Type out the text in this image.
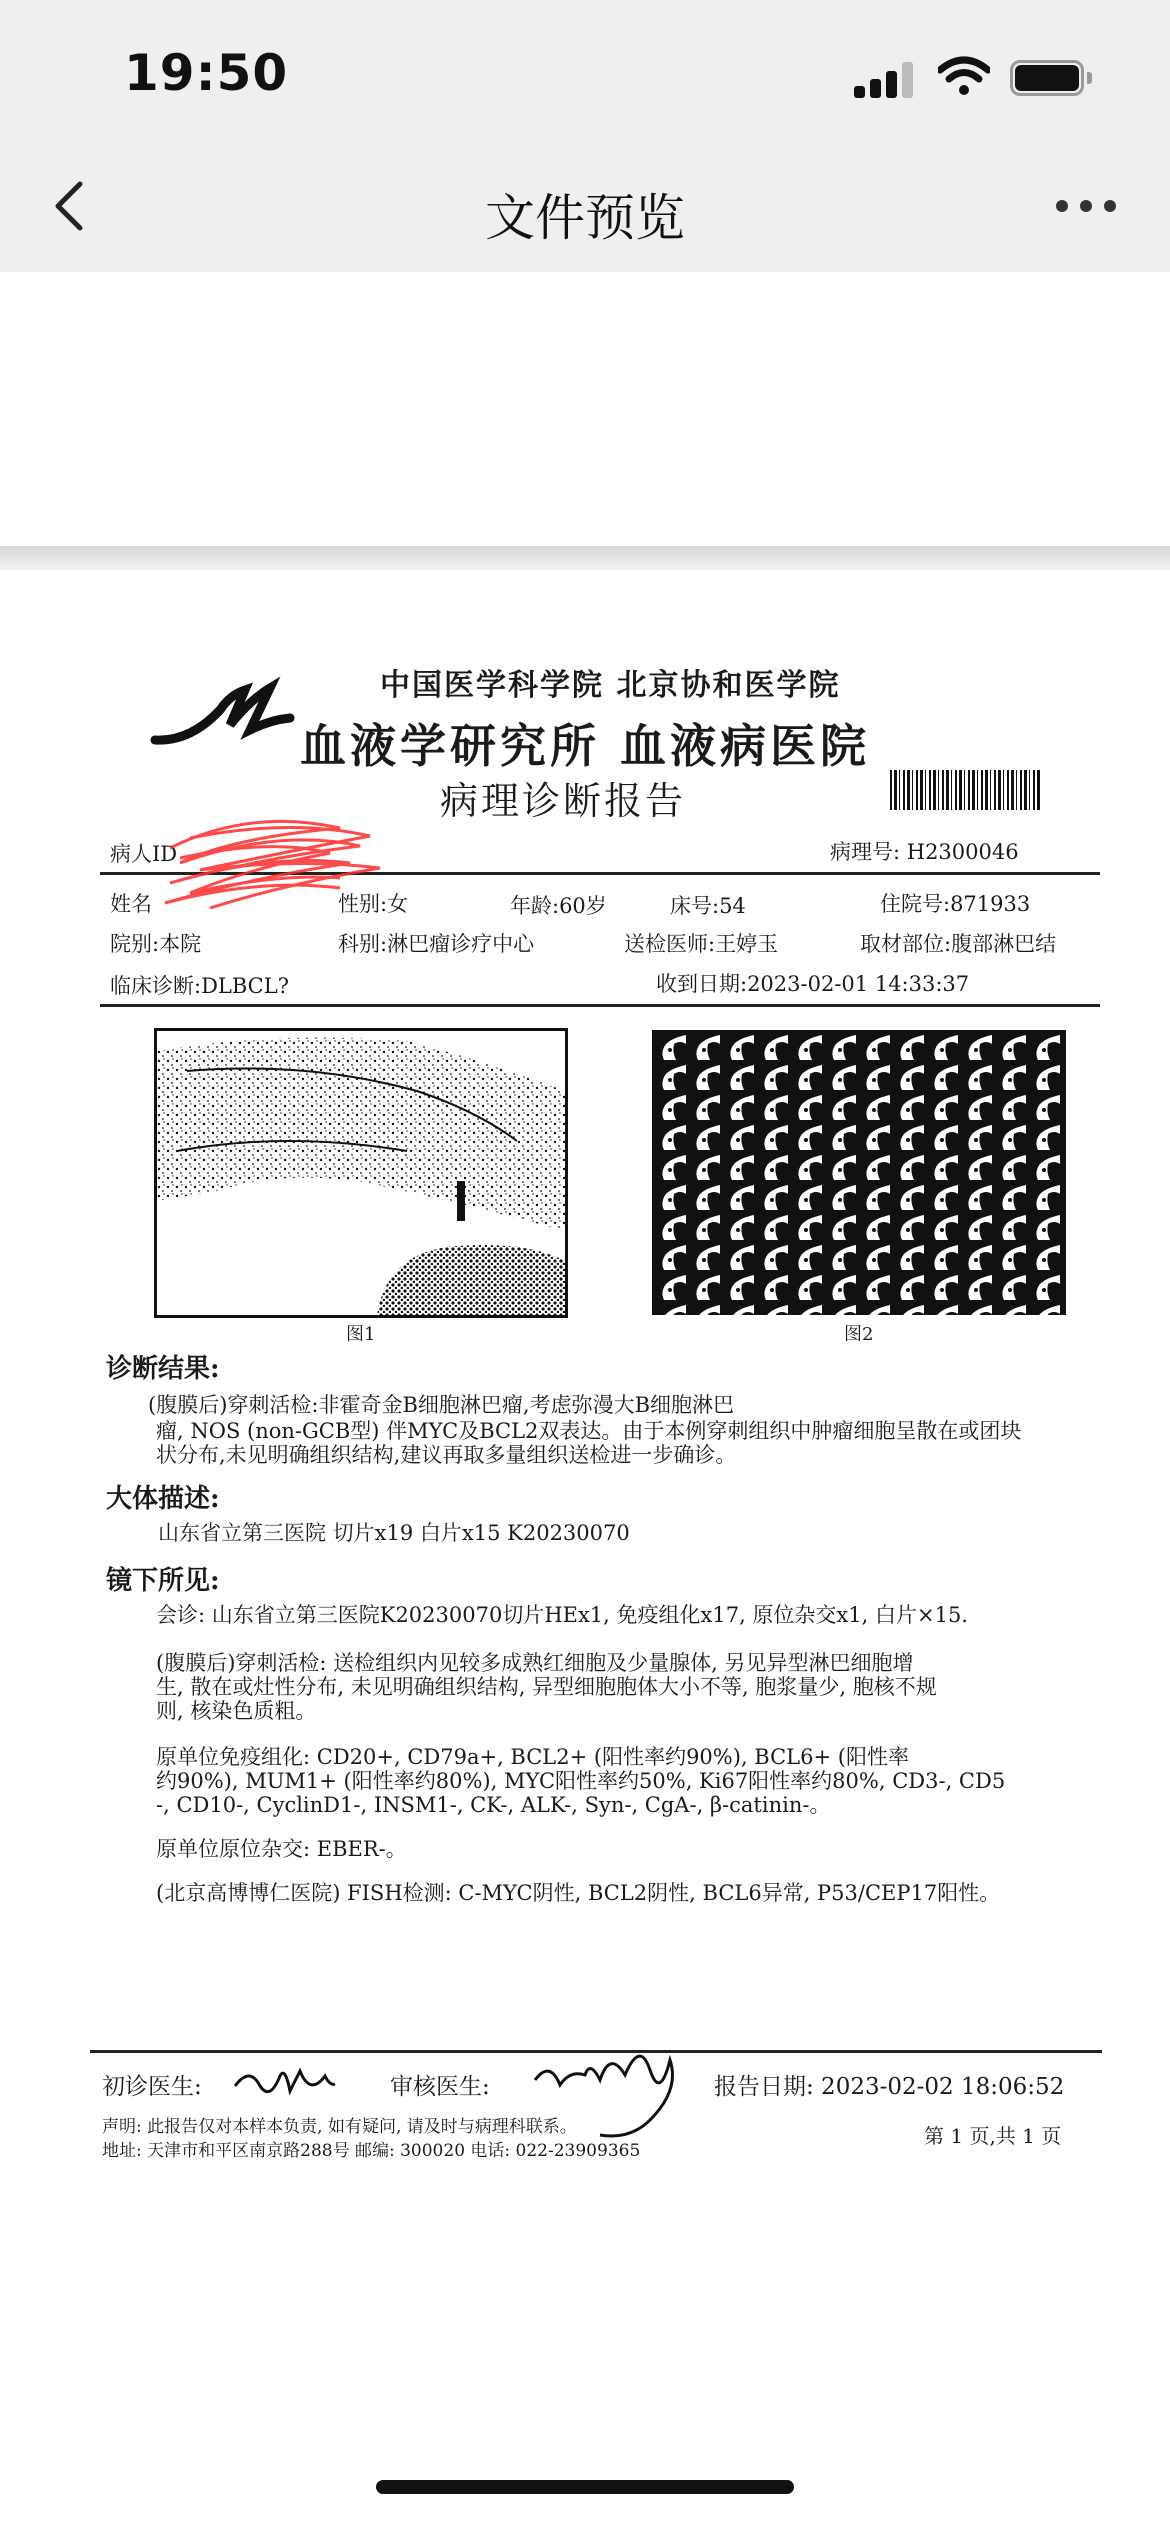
19:50
文件预览
中国医学科学院 北京协和医学院
血液学研究所 血液病医院
病理诊断报告
病人ID	病理号: H2300046
姓名	性别:女	年龄:60岁	床号:54	住院号:871933
院别:本院	科别:淋巴瘤诊疗中心	送检医师:王婷玉	取材部位:腹部淋巴结
临床诊断:DLBCL?	收到日期:2023-02-01 14:33:37
图1	图2
诊断结果:
(腹膜后)穿刺活检:非霍奇金B细胞淋巴瘤,考虑弥漫大B细胞淋巴
瘤, NOS (non-GCB型) 伴MYC及BCL2双表达。由于本例穿刺组织中肿瘤细胞呈散在或团块
状分布,未见明确组织结构,建议再取多量组织送检进一步确诊。
大体描述:
山东省立第三医院 切片x19 白片x15 K20230070
镜下所见:
会诊: 山东省立第三医院K20230070切片HEx1, 免疫组化x17, 原位杂交x1, 白片×15.
(腹膜后)穿刺活检: 送检组织内见较多成熟红细胞及少量腺体, 另见异型淋巴细胞增
生, 散在或灶性分布, 未见明确组织结构, 异型细胞胞体大小不等, 胞浆量少, 胞核不规
则, 核染色质粗。
原单位免疫组化: CD20+, CD79a+, BCL2+ (阳性率约90%), BCL6+ (阳性率
约90%), MUM1+ (阳性率约80%), MYC阳性率约50%, Ki67阳性率约80%, CD3-, CD5
-, CD10-, CyclinD1-, INSM1-, CK-, ALK-, Syn-, CgA-, β-catinin-。
原单位原位杂交: EBER-。
(北京高博博仁医院) FISH检测: C-MYC阴性, BCL2阴性, BCL6异常, P53/CEP17阳性。
初诊医生:	审核医生:	报告日期: 2023-02-02 18:06:52
声明: 此报告仅对本样本负责, 如有疑问, 请及时与病理科联系。
地址: 天津市和平区南京路288号 邮编: 300020 电话: 022-23909365
第 1 页,共 1 页
